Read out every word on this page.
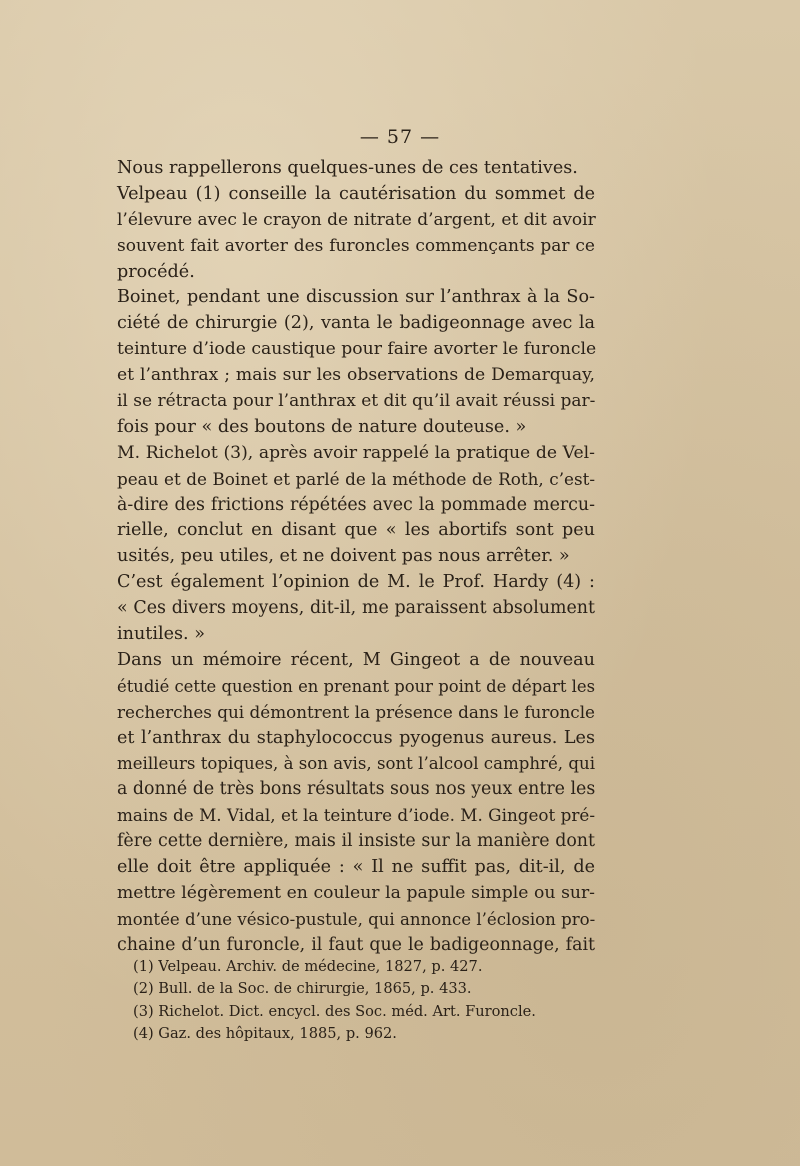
— 57 —
Nous rappellerons quelques-unes de ces tentatives.
Velpeau (1) conseille la cautérisation du sommet de
l’élevure avec le crayon de nitrate d’argent, et dit avoir
souvent fait avorter des furoncles commençants par ce
procédé.
Boinet, pendant une discussion sur l’anthrax à la So-
ciété de chirurgie (2), vanta le badigeonnage avec la
teinture d’iode caustique pour faire avorter le furoncle
et l’anthrax ; mais sur les observations de Demarquay,
il se rétracta pour l’anthrax et dit qu’il avait réussi par-
fois pour « des boutons de nature douteuse. »
M. Richelot (3), après avoir rappelé la pratique de Vel-
peau et de Boinet et parlé de la méthode de Roth, c’est-
à-dire des frictions répétées avec la pommade mercu-
rielle, conclut en disant que « les abortifs sont peu
usités, peu utiles, et ne doivent pas nous arrêter. »
C’est également l’opinion de M. le Prof. Hardy (4) :
« Ces divers moyens, dit-il, me paraissent absolument
inutiles. »
Dans un mémoire récent, M Gingeot a de nouveau
étudié cette question en prenant pour point de départ les
recherches qui démontrent la présence dans le furoncle
et l’anthrax du staphylococcus pyogenus aureus. Les
meilleurs topiques, à son avis, sont l’alcool camphré, qui
a donné de très bons résultats sous nos yeux entre les
mains de M. Vidal, et la teinture d’iode. M. Gingeot pré-
fère cette dernière, mais il insiste sur la manière dont
elle doit être appliquée : « Il ne suffit pas, dit-il, de
mettre légèrement en couleur la papule simple ou sur-
montée d’une vésico-pustule, qui annonce l’éclosion pro-
chaine d’un furoncle, il faut que le badigeonnage, fait
(1) Velpeau. Archiv. de médecine, 1827, p. 427.
(2) Bull. de la Soc. de chirurgie, 1865, p. 433.
(3) Richelot. Dict. encycl. des Soc. méd. Art. Furoncle.
(4) Gaz. des hôpitaux, 1885, p. 962.
